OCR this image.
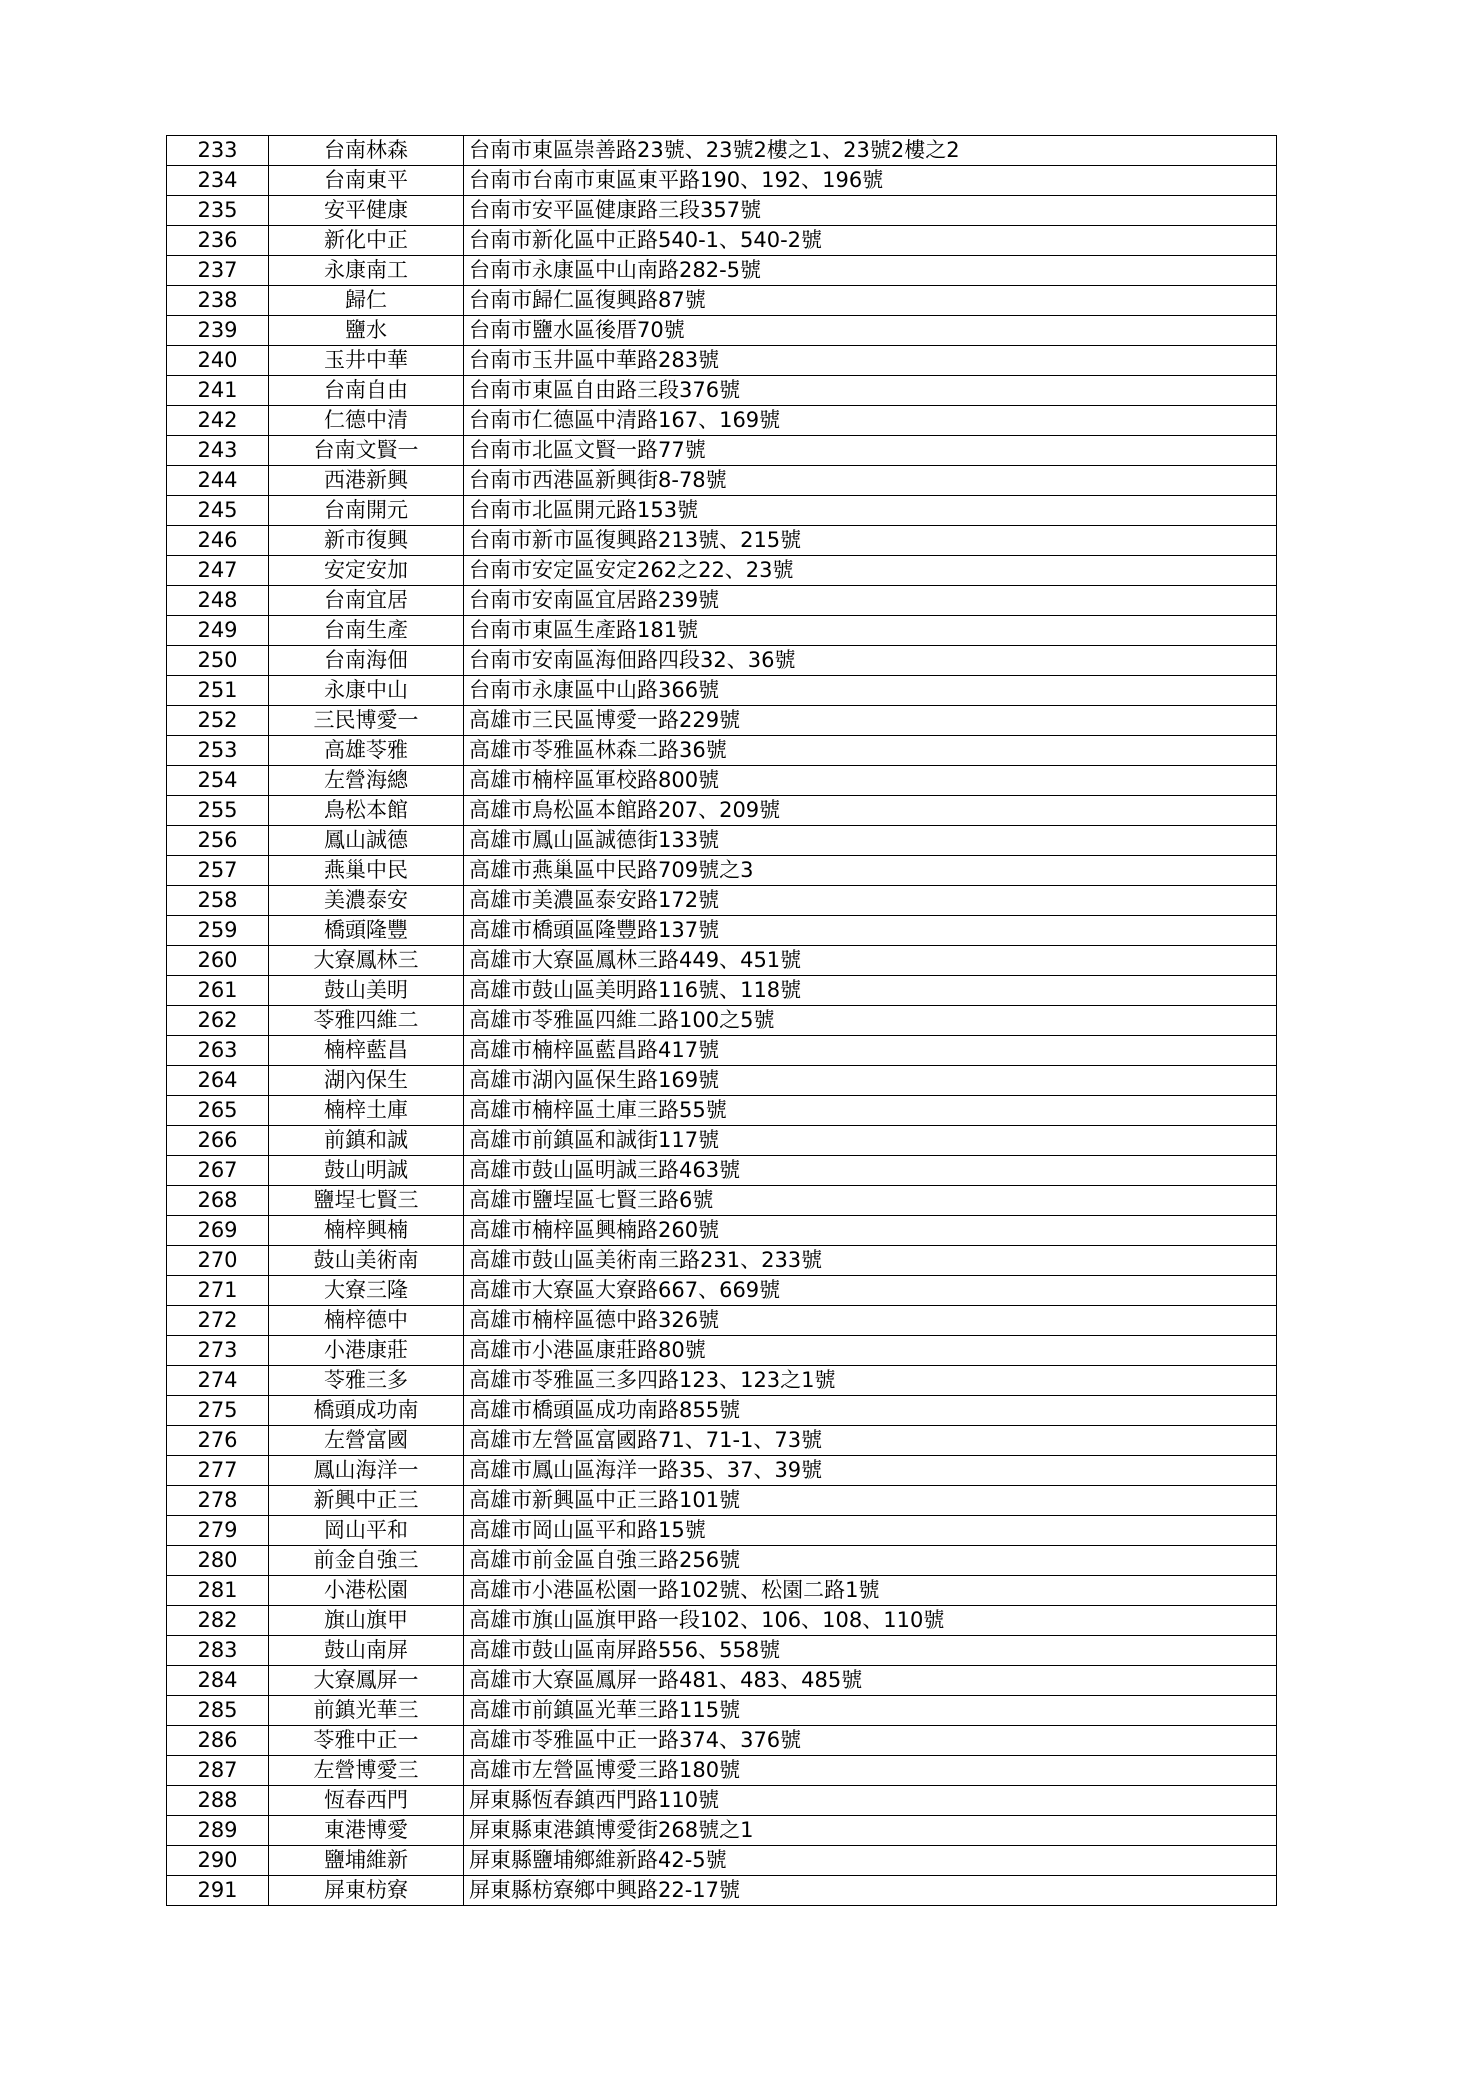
233	台南林森	台南市東區崇善路23號、23號2樓之1、23號2樓之2
234	台南東平	台南市台南市東區東平路190、192、196號
235	安平健康	台南市安平區健康路三段357號
236	新化中正	台南市新化區中正路540-1、540-2號
237	永康南工	台南市永康區中山南路282-5號
238	歸仁	台南市歸仁區復興路87號
239	鹽水	台南市鹽水區後厝70號
240	玉井中華	台南市玉井區中華路283號
241	台南自由	台南市東區自由路三段376號
242	仁德中清	台南市仁德區中清路167、169號
243	台南文賢一	台南市北區文賢一路77號
244	西港新興	台南市西港區新興街8-78號
245	台南開元	台南市北區開元路153號
246	新市復興	台南市新市區復興路213號、215號
247	安定安加	台南市安定區安定262之22、23號
248	台南宜居	台南市安南區宜居路239號
249	台南生產	台南市東區生產路181號
250	台南海佃	台南市安南區海佃路四段32、36號
251	永康中山	台南市永康區中山路366號
252	三民博愛一	高雄市三民區博愛一路229號
253	高雄苓雅	高雄市苓雅區林森二路36號
254	左營海總	高雄市楠梓區軍校路800號
255	鳥松本館	高雄市鳥松區本館路207、209號
256	鳳山誠德	高雄市鳳山區誠德街133號
257	燕巢中民	高雄市燕巢區中民路709號之3
258	美濃泰安	高雄市美濃區泰安路172號
259	橋頭隆豐	高雄市橋頭區隆豐路137號
260	大寮鳳林三	高雄市大寮區鳳林三路449、451號
261	鼓山美明	高雄市鼓山區美明路116號、118號
262	苓雅四維二	高雄市苓雅區四維二路100之5號
263	楠梓藍昌	高雄市楠梓區藍昌路417號
264	湖內保生	高雄市湖內區保生路169號
265	楠梓土庫	高雄市楠梓區土庫三路55號
266	前鎮和誠	高雄市前鎮區和誠街117號
267	鼓山明誠	高雄市鼓山區明誠三路463號
268	鹽埕七賢三	高雄市鹽埕區七賢三路6號
269	楠梓興楠	高雄市楠梓區興楠路260號
270	鼓山美術南	高雄市鼓山區美術南三路231、233號
271	大寮三隆	高雄市大寮區大寮路667、669號
272	楠梓德中	高雄市楠梓區德中路326號
273	小港康莊	高雄市小港區康莊路80號
274	苓雅三多	高雄市苓雅區三多四路123、123之1號
275	橋頭成功南	高雄市橋頭區成功南路855號
276	左營富國	高雄市左營區富國路71、71-1、73號
277	鳳山海洋一	高雄市鳳山區海洋一路35、37、39號
278	新興中正三	高雄市新興區中正三路101號
279	岡山平和	高雄市岡山區平和路15號
280	前金自強三	高雄市前金區自強三路256號
281	小港松園	高雄市小港區松園一路102號、松園二路1號
282	旗山旗甲	高雄市旗山區旗甲路一段102、106、108、110號
283	鼓山南屏	高雄市鼓山區南屏路556、558號
284	大寮鳳屏一	高雄市大寮區鳳屏一路481、483、485號
285	前鎮光華三	高雄市前鎮區光華三路115號
286	苓雅中正一	高雄市苓雅區中正一路374、376號
287	左營博愛三	高雄市左營區博愛三路180號
288	恆春西門	屏東縣恆春鎮西門路110號
289	東港博愛	屏東縣東港鎮博愛街268號之1
290	鹽埔維新	屏東縣鹽埔鄉維新路42-5號
291	屏東枋寮	屏東縣枋寮鄉中興路22-17號
